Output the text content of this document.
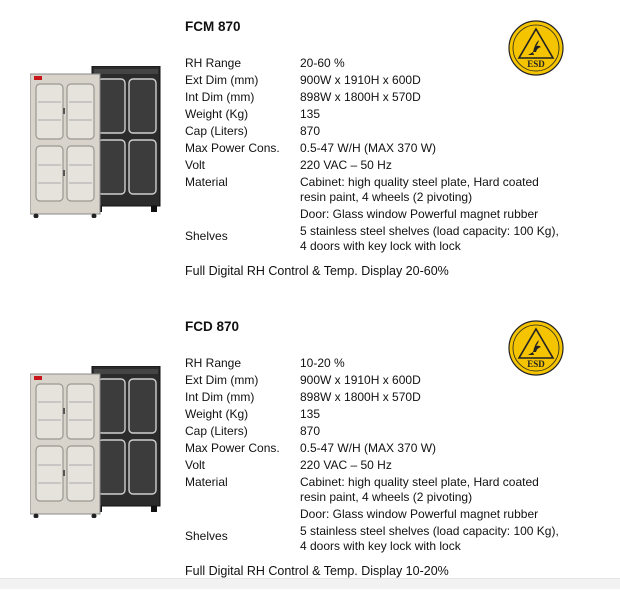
FCM 870
ESD
RH Range	20-60 %
Ext Dim (mm)	900W x 1910H x 600D
Int Dim (mm)	898W x 1800H x 570D
Weight (Kg)	135
Cap (Liters)	870
Max Power Cons.	0.5-47 W/H (MAX 370 W)
Volt	220 VAC – 50 Hz
Material	Cabinet: high quality steel plate, Hard coated resin paint, 4 wheels (2 pivoting)
Door: Glass window Powerful magnet rubber
Shelves	5 stainless steel shelves (load capacity: 100 Kg), 4 doors with key lock with lock

Full Digital RH Control & Temp. Display 20-60%

FCD 870
ESD
RH Range	10-20 %
Ext Dim (mm)	900W x 1910H x 600D
Int Dim (mm)	898W x 1800H x 570D
Weight (Kg)	135
Cap (Liters)	870
Max Power Cons.	0.5-47 W/H (MAX 370 W)
Volt	220 VAC – 50 Hz
Material	Cabinet: high quality steel plate, Hard coated resin paint, 4 wheels (2 pivoting)
Door: Glass window Powerful magnet rubber
Shelves	5 stainless steel shelves (load capacity: 100 Kg), 4 doors with key lock with lock

Full Digital RH Control & Temp. Display 10-20%
